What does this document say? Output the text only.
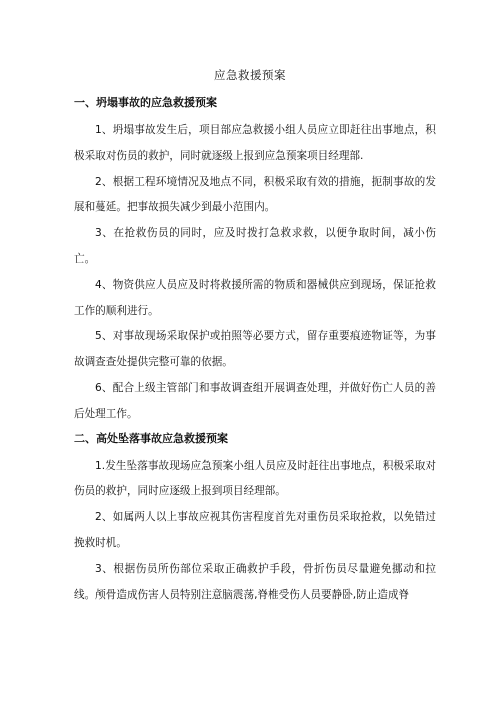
应急救援预案
一、坍塌事故的应急救援预案

1、坍塌事故发生后，项目部应急救援小组人员应立即赶往出事地点，积极采取对伤员的救护，同时就逐级上报到应急预案项目经理部.

2、根据工程环境情况及地点不同，积极采取有效的措施，扼制事故的发展和蔓延。把事故损失减少到最小范围内。

3、在抢救伤员的同时，应及时拨打急救求救，以便争取时间，减小伤亡。

4、物资供应人员应及时将救援所需的物质和器械供应到现场，保证抢救工作的顺利进行。

5、对事故现场采取保护或拍照等必要方式，留存重要痕迹物证等，为事故调查查处提供完整可靠的依据。

6、配合上级主管部门和事故调查组开展调查处理，并做好伤亡人员的善后处理工作。

二、高处坠落事故应急救援预案

1.发生坠落事故现场应急预案小组人员应及时赶往出事地点，积极采取对伤员的救护，同时应逐级上报到项目经理部。

2、如属两人以上事故应视其伤害程度首先对重伤员采取抢救，以免错过挽救时机。

3、根据伤员所伤部位采取正确救护手段，骨折伤员尽量避免挪动和拉线。颅骨造成伤害人员特别注意脑震荡,脊椎受伤人员要静卧,防止造成脊
